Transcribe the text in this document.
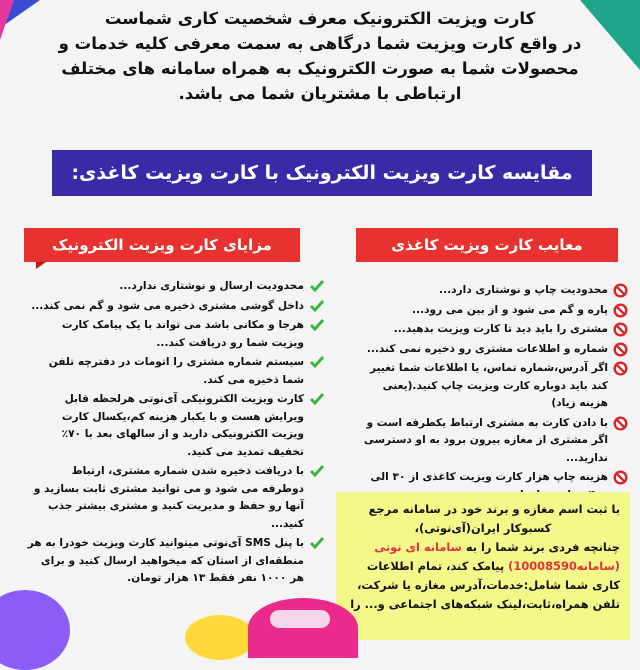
کارت ویزیت الکترونیک معرف شخصیت کاری شماست
در واقع کارت ویزیت شما درگاهی به سمت معرفی کلیه خدمات و
محصولات شما به صورت الکترونیک به همراه سامانه های مختلف
ارتباطی با مشتریان شما می باشد.
مقایسه کارت ویزیت الکترونیک با کارت ویزیت کاغذی:
مزایای کارت ویزیت الکترونیک	معایب کارت ویزیت کاغذی
محدودیت ارسال و نوشتاری ندارد...
داخل گوشی مشتری ذخیره می شود و گم نمی کند...
هرجا و مکانی باشد می تواند با یک پیامک کارت ویزیت شما رو دریافت کند...
سیستم شماره مشتری را اتومات در دفترچه تلفن شما ذخیره می کند.
کارت ویزیت الکترونیکی آی‌نوتی هرلحظه قابل ویرایش هست و با یکبار هزینه کم،یکسال کارت ویزیت الکترونیکی دارید و از سالهای بعد با ۷۰٪ تخفیف تمدید می کنید.
با دریافت ذخیره شدن شماره مشتری، ارتباط دوطرفه می شود و می توانید مشتری ثابت بسازید و آنها رو حفظ و مدیریت کنید و مشتری بیشتر جذب کنید...
با پنل SMS آی‌نوتی میتوانید کارت ویزیت خودرا به هر منطقه‌ای از استان که میخواهید ارسال کنید و برای هر ۱۰۰۰ نفر فقط ۱۳ هزار تومان.
محدودیت چاپ و نوشتاری دارد...
پاره و گم می شود و از بین می رود...
مشتری را باید دید تا کارت ویزیت بدهید...
شماره و اطلاعات مشتری رو ذخیره نمی کند...
اگر آدرس،شماره تماس، یا اطلاعات شما تغییر کند باید دوباره کارت ویزیت چاپ کنید.(یعنی هزینه زیاد)
با دادن کارت به مشتری ارتباط یکطرفه است و اگر مشتری از مغازه بیرون برود به او دسترسی ندارید...
هزینه چاپ هزار کارت ویزیت کاغذی از ۳۰ الی
با ثبت اسم مغازه و برند خود در سامانه مرجع
کسبوکار ایران(آی‌نوتی)،
چنانچه فردی برند شما را به سامانه ای نوتی
(سامانه10008590) پیامک کند، تمام اطلاعات
کاری شما شامل:خدمات،آدرس مغازه یا شرکت،
تلفن همراه،ثابت،لینک شبکه‌های اجتماعی و... را
